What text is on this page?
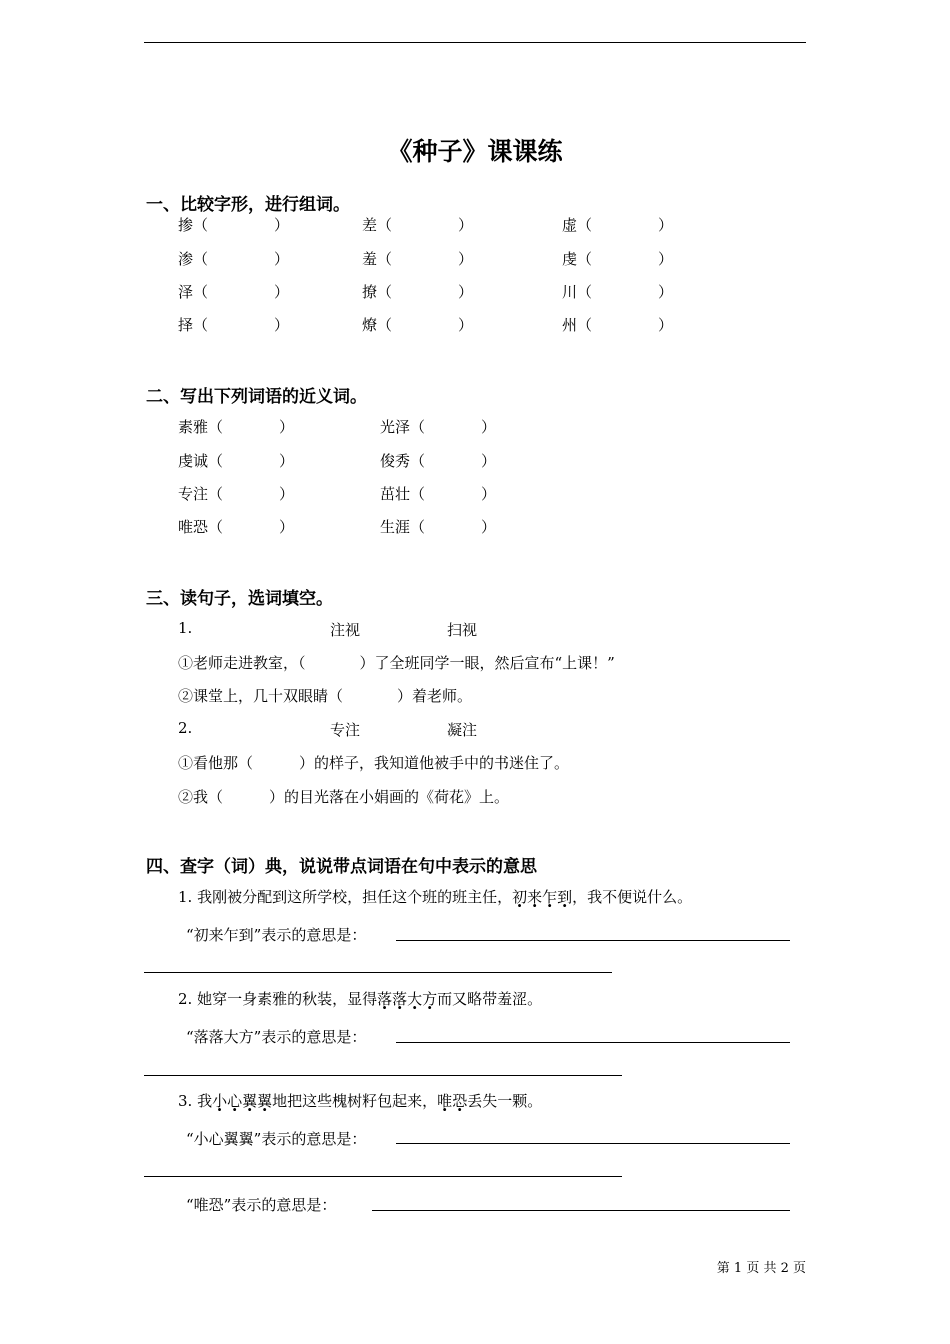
《种子》课课练
一、比较字形，进行组词。
掺（	）	差（	）	虚（	）
渗（	）	羞（	）	虔（	）
泽（	）	撩（	）	川（	）
择（	）	燎（	）	州（	）
二、写出下列词语的近义词。
素雅（	）	光泽（	）
虔诚（	）	俊秀（	）
专注（	）	茁壮（	）
唯恐（	）	生涯（	）
三、读句子，选词填空。
1.	注视	扫视
①老师走进教室，（	）了全班同学一眼，然后宣布“上课！”
②课堂上，几十双眼睛（	）着老师。
2.	专注	凝注
①看他那（	）的样子，我知道他被手中的书迷住了。
②我（	）的目光落在小娟画的《荷花》上。
四、查字（词）典，说说带点词语在句中表示的意思
1. 我刚被分配到这所学校，担任这个班的班主任，初来乍到，我不便说什么。
“初来乍到”表示的意思是：
2. 她穿一身素雅的秋装，显得落落大方而又略带羞涩。
“落落大方”表示的意思是：
3. 我小心翼翼地把这些槐树籽包起来，唯恐丢失一颗。
“小心翼翼”表示的意思是：
“唯恐”表示的意思是：
第 1 页 共 2 页
